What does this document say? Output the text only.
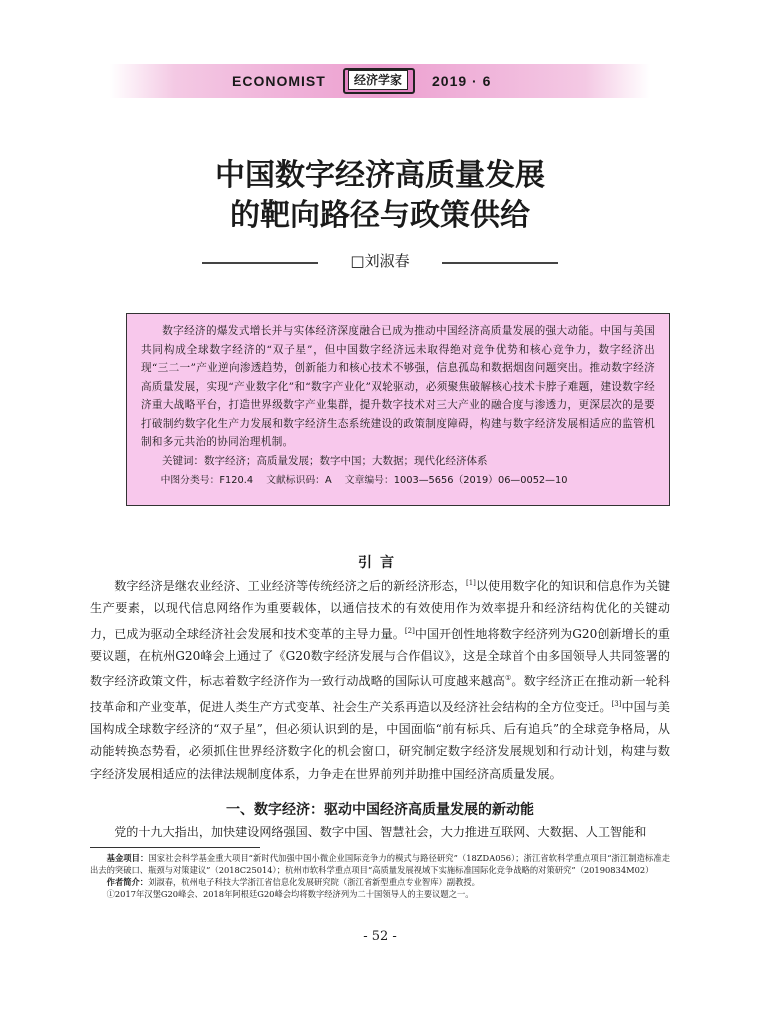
ECONOMIST	经济学家	2019 · 6
中国数字经济高质量发展
的靶向路径与政策供给
□刘淑春
数字经济的爆发式增长并与实体经济深度融合已成为推动中国经济高质量发展的强大动能。中国与美国共同构成全球数字经济的“双子星”，但中国数字经济远未取得绝对竞争优势和核心竞争力，数字经济出现“三二一”产业逆向渗透趋势，创新能力和核心技术不够强，信息孤岛和数据烟囱问题突出。推动数字经济高质量发展，实现“产业数字化”和“数字产业化”双轮驱动，必须聚焦破解核心技术卡脖子难题，建设数字经济重大战略平台，打造世界级数字产业集群，提升数字技术对三大产业的融合度与渗透力，更深层次的是要打破制约数字化生产力发展和数字经济生态系统建设的政策制度障碍，构建与数字经济发展相适应的监管机制和多元共治的协同治理机制。
关键词：数字经济；高质量发展；数字中国；大数据；现代化经济体系
中图分类号：F120.4 文献标识码：A 文章编号：1003—5656（2019）06—0052—10
引言
数字经济是继农业经济、工业经济等传统经济之后的新经济形态，[1]以使用数字化的知识和信息作为关键生产要素，以现代信息网络作为重要载体，以通信技术的有效使用作为效率提升和经济结构优化的关键动力，已成为驱动全球经济社会发展和技术变革的主导力量。[2]中国开创性地将数字经济列为G20创新增长的重要议题，在杭州G20峰会上通过了《G20数字经济发展与合作倡议》，这是全球首个由多国领导人共同签署的数字经济政策文件，标志着数字经济作为一致行动战略的国际认可度越来越高①。数字经济正在推动新一轮科技革命和产业变革，促进人类生产方式变革、社会生产关系再造以及经济社会结构的全方位变迁。[3]中国与美国构成全球数字经济的“双子星”，但必须认识到的是，中国面临“前有标兵、后有追兵”的全球竞争格局，从动能转换态势看，必须抓住世界经济数字化的机会窗口，研究制定数字经济发展规划和行动计划，构建与数字经济发展相适应的法律法规制度体系，力争走在世界前列并助推中国经济高质量发展。
一、数字经济：驱动中国经济高质量发展的新动能
党的十九大指出，加快建设网络强国、数字中国、智慧社会，大力推进互联网、大数据、人工智能和

基金项目：国家社会科学基金重大项目“新时代加强中国小微企业国际竞争力的模式与路径研究”（18ZDA056）；浙江省软科学重点项目“浙江制造标准走出去的突破口、瓶颈与对策建议”（2018C25014）；杭州市软科学重点项目“高质量发展视域下实施标准国际化竞争战略的对策研究”（20190834M02）

作者简介：刘淑春，杭州电子科技大学浙江省信息化发展研究院（浙江省新型重点专业智库）副教授。

①2017年汉堡G20峰会、2018年阿根廷G20峰会均将数字经济列为二十国领导人的主要议题之一。

- 52 -
